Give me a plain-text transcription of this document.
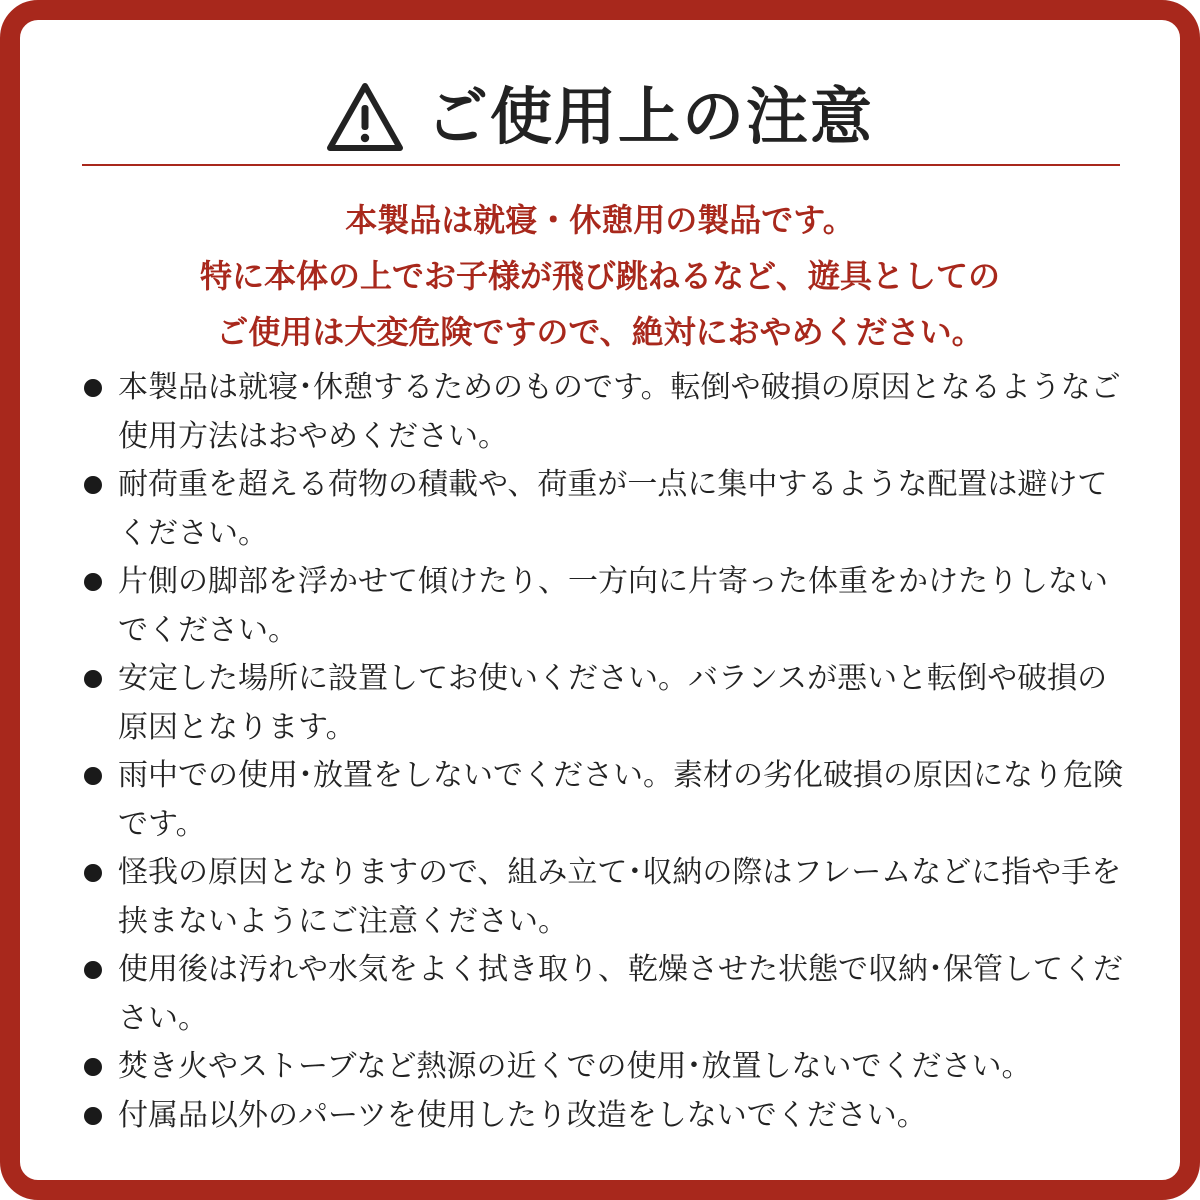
ご使用上の注意
本製品は就寝・休憩用の製品です。
特に本体の上でお子様が飛び跳ねるなど、遊具としての
ご使用は大変危険ですので、絶対におやめください。
本製品は就寝･休憩するためのものです。転倒や破損の原因となるようなご使用方法はおやめください。
耐荷重を超える荷物の積載や、荷重が一点に集中するような配置は避けてください。
片側の脚部を浮かせて傾けたり、一方向に片寄った体重をかけたりしないでください。
安定した場所に設置してお使いください。バランスが悪いと転倒や破損の原因となります。
雨中での使用･放置をしないでください。素材の劣化破損の原因になり危険です。
怪我の原因となりますので、組み立て･収納の際はフレームなどに指や手を挟まないようにご注意ください。
使用後は汚れや水気をよく拭き取り、乾燥させた状態で収納･保管してください。
焚き火やストーブなど熱源の近くでの使用･放置しないでください。
付属品以外のパーツを使用したり改造をしないでください。
